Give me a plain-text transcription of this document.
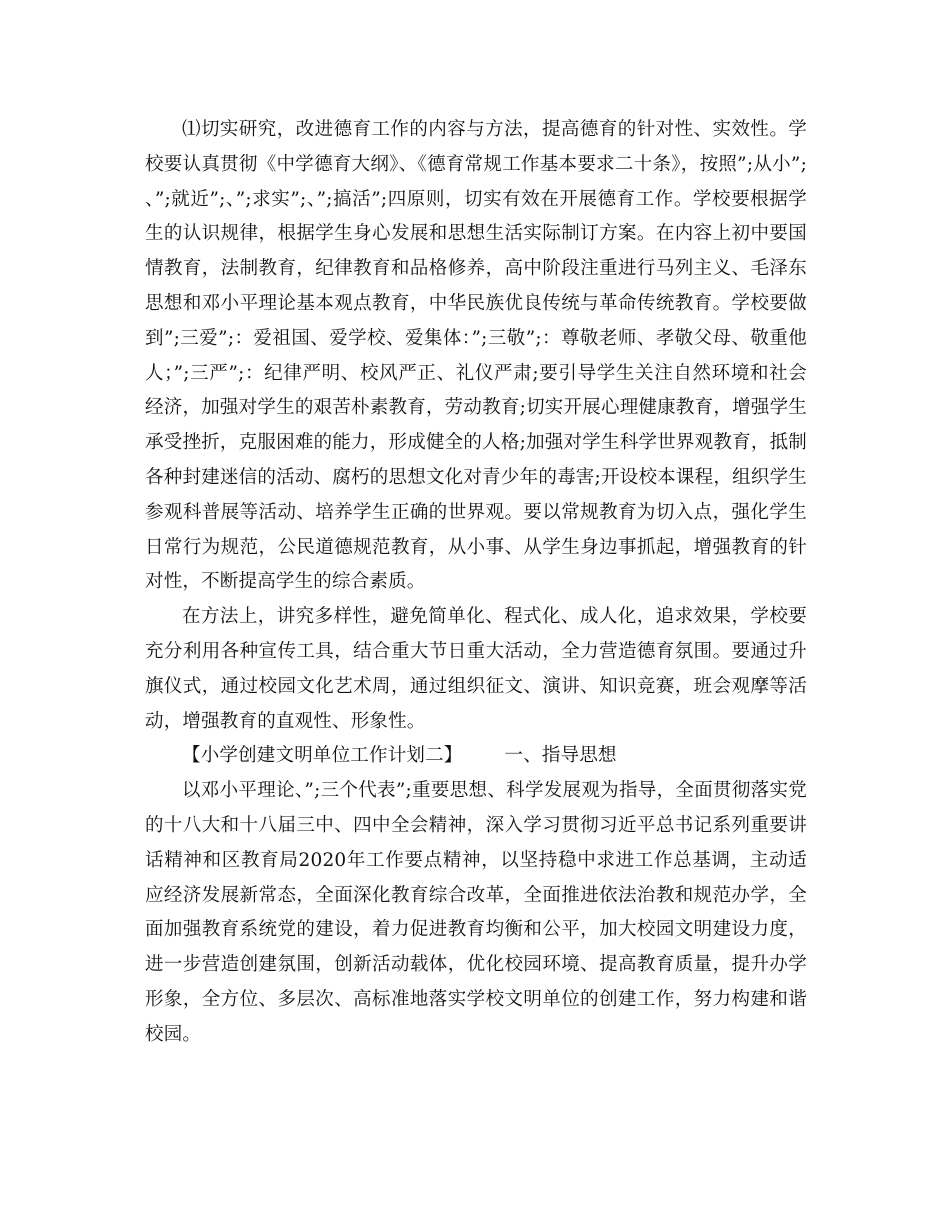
⑴切实研究，改进德育工作的内容与方法，提高德育的针对性、实效性。学校要认真贯彻《中学德育大纲》、《德育常规工作基本要求二十条》，按照”;从小”;、”;就近”;、”;求实”;、”;搞活”;四原则，切实有效在开展德育工作。学校要根据学生的认识规律，根据学生身心发展和思想生活实际制订方案。在内容上初中要国情教育，法制教育，纪律教育和品格修养，高中阶段注重进行马列主义、毛泽东思想和邓小平理论基本观点教育，中华民族优良传统与革命传统教育。学校要做到”;三爱”;：爱祖国、爱学校、爱集体：”;三敬”;：尊敬老师、孝敬父母、敬重他人；”;三严”;：纪律严明、校风严正、礼仪严肃;要引导学生关注自然环境和社会经济，加强对学生的艰苦朴素教育，劳动教育;切实开展心理健康教育，增强学生承受挫折，克服困难的能力，形成健全的人格;加强对学生科学世界观教育，抵制各种封建迷信的活动、腐朽的思想文化对青少年的毒害;开设校本课程，组织学生参观科普展等活动、培养学生正确的世界观。要以常规教育为切入点，强化学生日常行为规范，公民道德规范教育，从小事、从学生身边事抓起，增强教育的针对性，不断提高学生的综合素质。

在方法上，讲究多样性，避免简单化、程式化、成人化，追求效果，学校要充分利用各种宣传工具，结合重大节日重大活动，全力营造德育氛围。要通过升旗仪式，通过校园文化艺术周，通过组织征文、演讲、知识竞赛，班会观摩等活动，增强教育的直观性、形象性。

【小学创建文明单位工作计划二】 一、指导思想

以邓小平理论、”;三个代表”;重要思想、科学发展观为指导，全面贯彻落实党的十八大和十八届三中、四中全会精神，深入学习贯彻习近平总书记系列重要讲话精神和区教育局2020年工作要点精神，以坚持稳中求进工作总基调，主动适应经济发展新常态，全面深化教育综合改革，全面推进依法治教和规范办学，全面加强教育系统党的建设，着力促进教育均衡和公平，加大校园文明建设力度，进一步营造创建氛围，创新活动载体，优化校园环境、提高教育质量，提升办学形象，全方位、多层次、高标准地落实学校文明单位的创建工作，努力构建和谐校园。
